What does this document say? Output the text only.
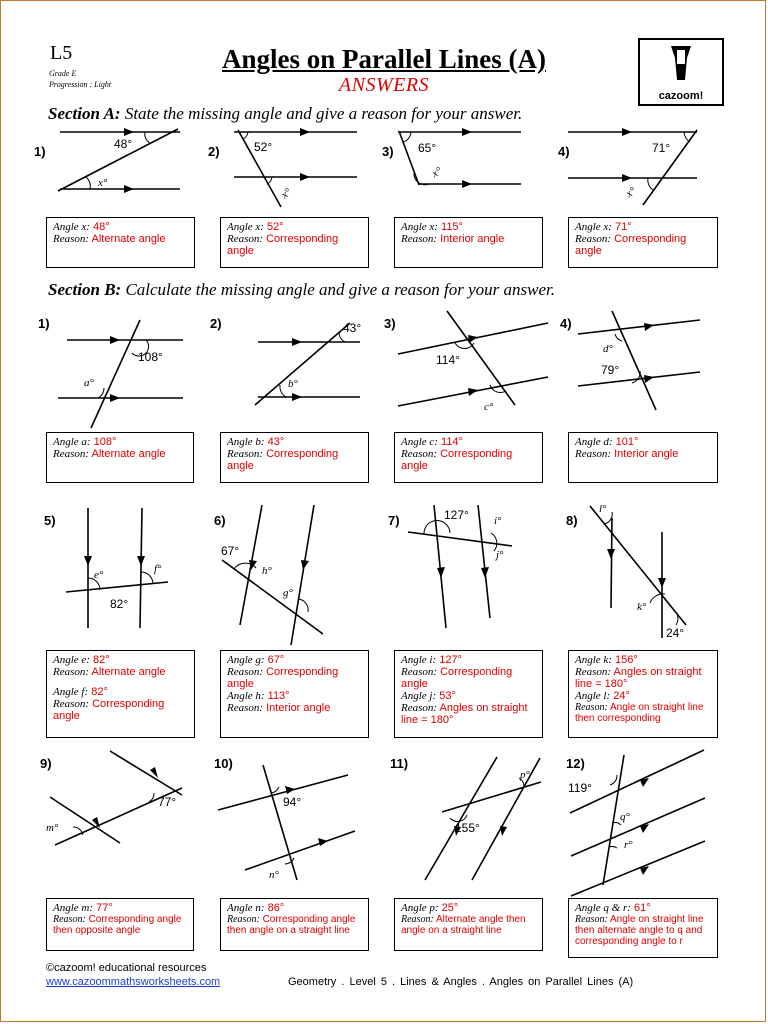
L5
Grade E
Progression : Light
Angles on Parallel Lines (A)
ANSWERS	cazoom!
Section A: State the missing angle and give a reason for your answer.
1)	2)	3)	4)
48°
x°
52°
x°
65°
x°
71°
x°
Angle x: 48°
Reason: Alternate angle
Angle x: 52°
Reason: Corresponding angle
Angle x: 115°
Reason: Interior angle
Angle x: 71°
Reason: Corresponding angle
Section B: Calculate the missing angle and give a reason for your answer.
1)	2)	3)	4)
5)	6)	7)	8)
9)	10)	11)	12)
108°
a°
43°
b°
114°
c°
d°
79°
Angle a: 108°
Reason: Alternate angle
Angle b: 43°
Reason: Corresponding angle
Angle c: 114°
Reason: Corresponding angle
Angle d: 101°
Reason: Interior angle
e°	f°
82°
67°
h°
g°
127° i°
j°
l°
k°
24°
Angle e: 82°
Reason: Alternate angle
Angle f: 82°
Reason: Corresponding angle
Angle g: 67°
Reason: Corresponding angle
Angle h: 113°
Reason: Interior angle
Angle i: 127°
Reason: Corresponding angle
Angle j: 53°
Reason: Angles on straight line = 180°
Angle k: 156°
Reason: Angles on straight line = 180°
Angle l: 24°
Reason: Angle on straight line then corresponding
77°
m°
94°
n°
155°
p°
119°
q°
r°
Angle m: 77°
Reason: Corresponding angle then opposite angle
Angle n: 86°
Reason: Corresponding angle then angle on a straight line
Angle p: 25°
Reason: Alternate angle then angle on a straight line
Angle q & r: 61°
Reason: Angle on straight line then alternate angle to q and corresponding angle to r
©cazoom! educational resources
www.cazoommathsworksheets.com	Geometry . Level 5 . Lines & Angles . Angles on Parallel Lines (A)
